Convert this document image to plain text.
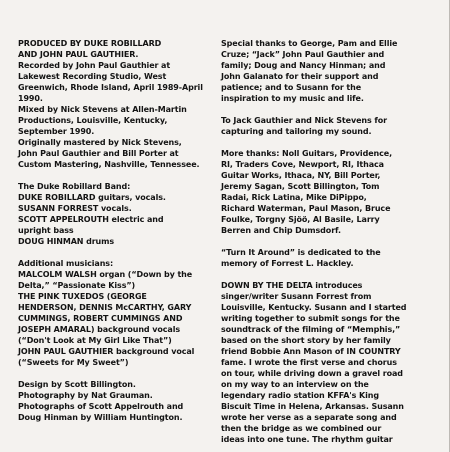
PRODUCED BY DUKE ROBILLARD
AND JOHN PAUL GAUTHIER.
Recorded by John Paul Gauthier at
Lakewest Recording Studio, West
Greenwich, Rhode Island, April 1989-April
1990.
Mixed by Nick Stevens at Allen-Martin
Productions, Louisville, Kentucky,
September 1990.
Originally mastered by Nick Stevens,
John Paul Gauthier and Bill Porter at
Custom Mastering, Nashville, Tennessee.
The Duke Robillard Band:
DUKE ROBILLARD guitars, vocals.
SUSANN FORREST vocals.
SCOTT APPELROUTH electric and
upright bass
DOUG HINMAN drums
Additional musicians:
MALCOLM WALSH organ (“Down by the
Delta,” “Passionate Kiss”)
THE PINK TUXEDOS (GEORGE
HENDERSON, DENNIS McCARTHY, GARY
CUMMINGS, ROBERT CUMMINGS AND
JOSEPH AMARAL) background vocals
(“Don't Look at My Girl Like That”)
JOHN PAUL GAUTHIER background vocal
(“Sweets for My Sweet”)
Design by Scott Billington.
Photography by Nat Grauman.
Photographs of Scott Appelrouth and
Doug Hinman by William Huntington.
Special thanks to George, Pam and Ellie
Cruze; “Jack” John Paul Gauthier and
family; Doug and Nancy Hinman; and
John Galanato for their support and
patience; and to Susann for the
inspiration to my music and life.
To Jack Gauthier and Nick Stevens for
capturing and tailoring my sound.
More thanks: Noll Guitars, Providence,
RI, Traders Cove, Newport, RI, Ithaca
Guitar Works, Ithaca, NY, Bill Porter,
Jeremy Sagan, Scott Billington, Tom
Radai, Rick Latina, Mike DiPippo,
Richard Waterman, Paul Mason, Bruce
Foulke, Torgny Sjöö, Al Basile, Larry
Berren and Chip Dumsdorf.
“Turn It Around” is dedicated to the
memory of Forrest L. Hackley.
DOWN BY THE DELTA introduces
singer/writer Susann Forrest from
Louisville, Kentucky. Susann and I started
writing together to submit songs for the
soundtrack of the filming of “Memphis,”
based on the short story by her family
friend Bobbie Ann Mason of IN COUNTRY
fame. I wrote the first verse and chorus
on tour, while driving down a gravel road
on my way to an interview on the
legendary radio station KFFA's King
Biscuit Time in Helena, Arkansas. Susann
wrote her verse as a separate song and
then the bridge as we combined our
ideas into one tune. The rhythm guitar
